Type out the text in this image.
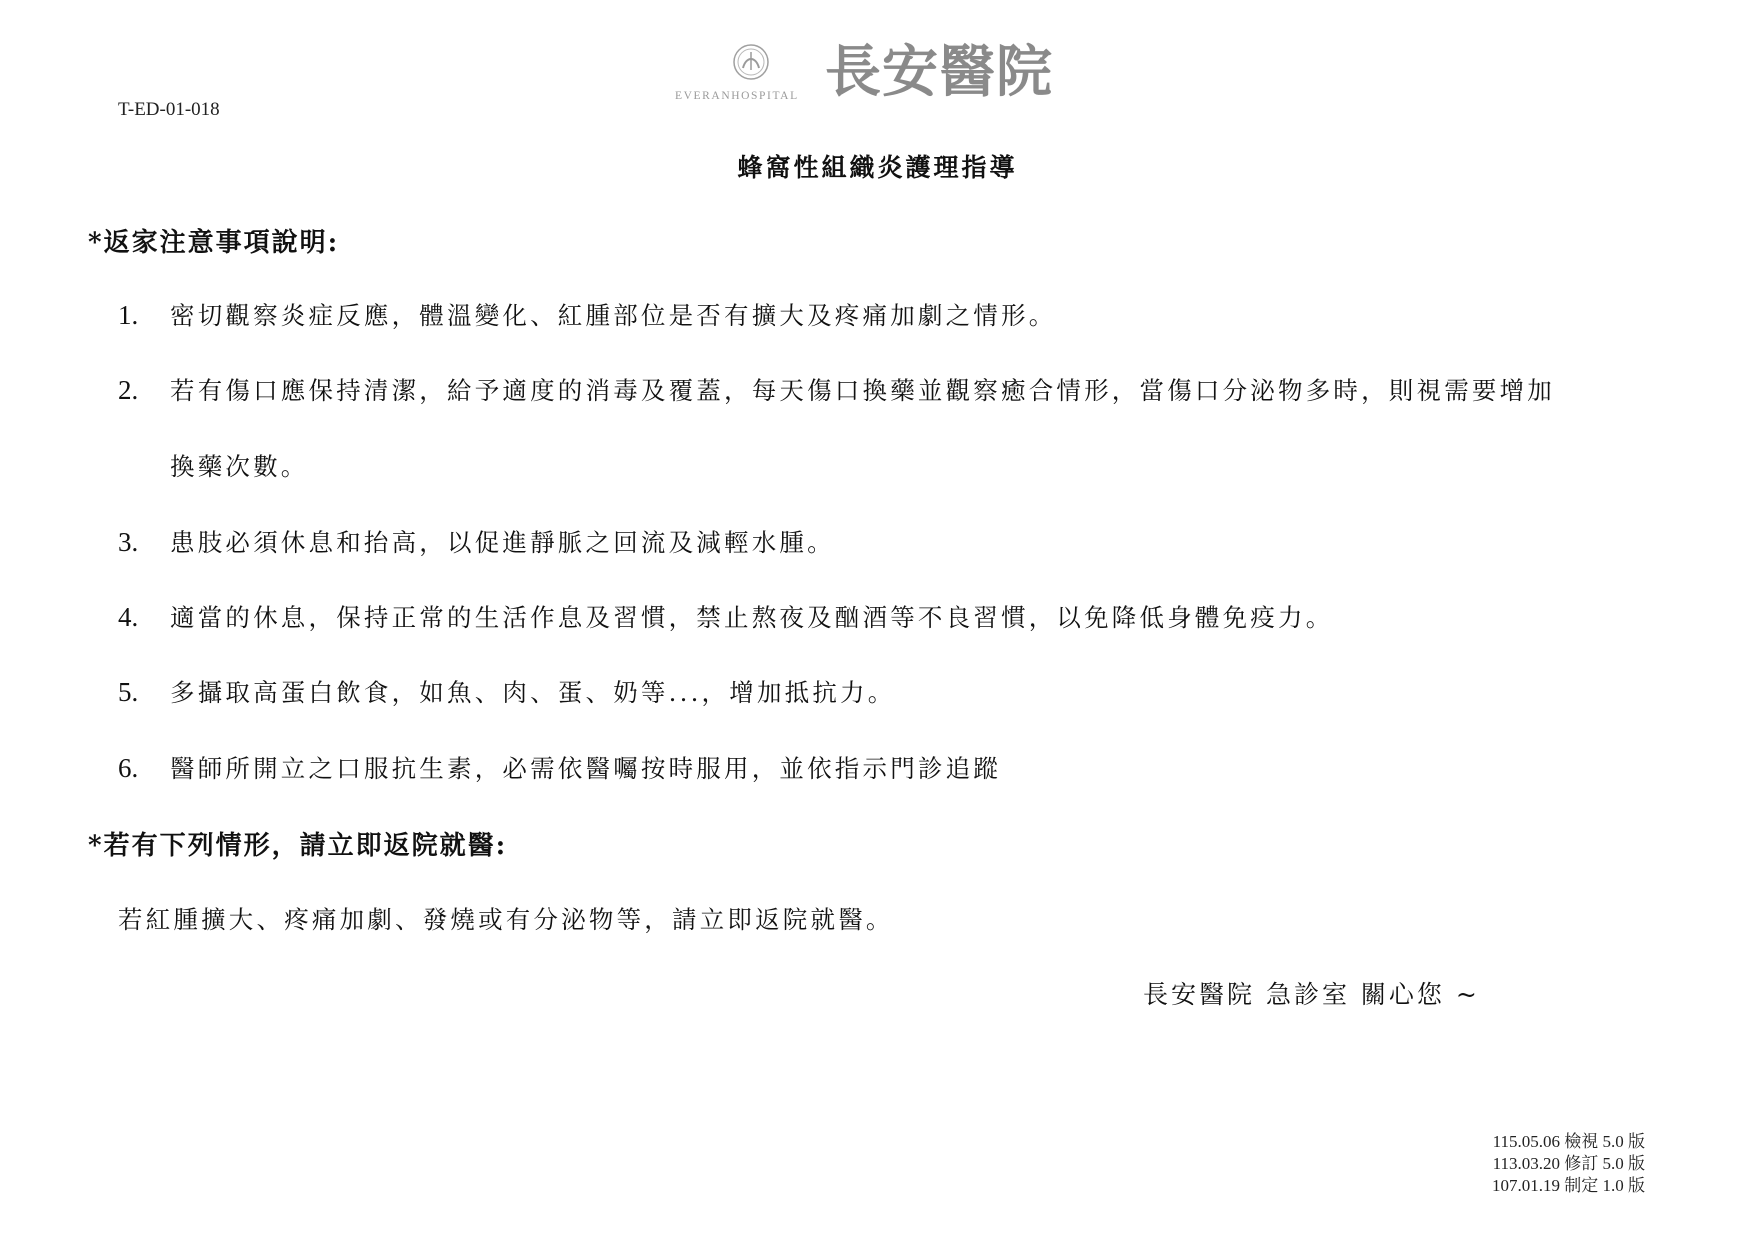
T-ED-01-018
EVERANHOSPITAL 長安醫院
蜂窩性組織炎護理指導
*返家注意事項說明:
1. 密切觀察炎症反應，體溫變化、紅腫部位是否有擴大及疼痛加劇之情形。
2. 若有傷口應保持清潔，給予適度的消毒及覆蓋，每天傷口換藥並觀察癒合情形，當傷口分泌物多時，則視需要增加
換藥次數。
3. 患肢必須休息和抬高，以促進靜脈之回流及減輕水腫。
4. 適當的休息，保持正常的生活作息及習慣，禁止熬夜及酗酒等不良習慣，以免降低身體免疫力。
5. 多攝取高蛋白飲食，如魚、肉、蛋、奶等...，增加抵抗力。
6. 醫師所開立之口服抗生素，必需依醫囑按時服用，並依指示門診追蹤
*若有下列情形，請立即返院就醫:
若紅腫擴大、疼痛加劇、發燒或有分泌物等，請立即返院就醫。
長安醫院 急診室 關心您 ~
115.05.06 檢視 5.0 版
113.03.20 修訂 5.0 版
107.01.19 制定 1.0 版
